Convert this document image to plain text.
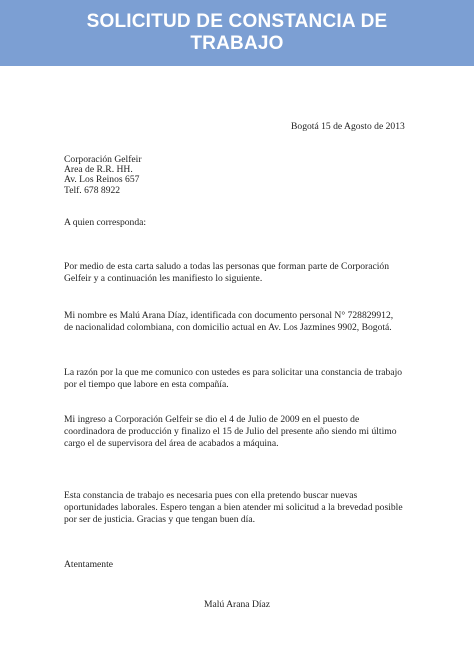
SOLICITUD DE CONSTANCIA DE
TRABAJO
Bogotá 15 de Agosto de 2013
Corporación Gelfeir
Area de R.R. HH.
Av. Los Reinos 657
Telf. 678 8922
A quien corresponda:
Por medio de esta carta saludo a todas las personas que forman parte de Corporación
Gelfeir y a continuación les manifiesto lo siguiente.
Mi nombre es Malú Arana Díaz, identificada con documento personal N° 728829912,
de nacionalidad colombiana, con domicilio actual en Av. Los Jazmines 9902, Bogotá.
La razón por la que me comunico con ustedes es para solicitar una constancia de trabajo
por el tiempo que labore en esta compañía.
Mi ingreso a Corporación Gelfeir se dio el 4 de Julio de 2009 en el puesto de
coordinadora de producción y finalizo el 15 de Julio del presente año siendo mi último
cargo el de supervisora del área de acabados a máquina.
Esta constancia de trabajo es necesaria pues con ella pretendo buscar nuevas
oportunidades laborales. Espero tengan a bien atender mi solicitud a la brevedad posible
por ser de justicia. Gracias y que tengan buen día.
Atentamente
Malú Arana Díaz
